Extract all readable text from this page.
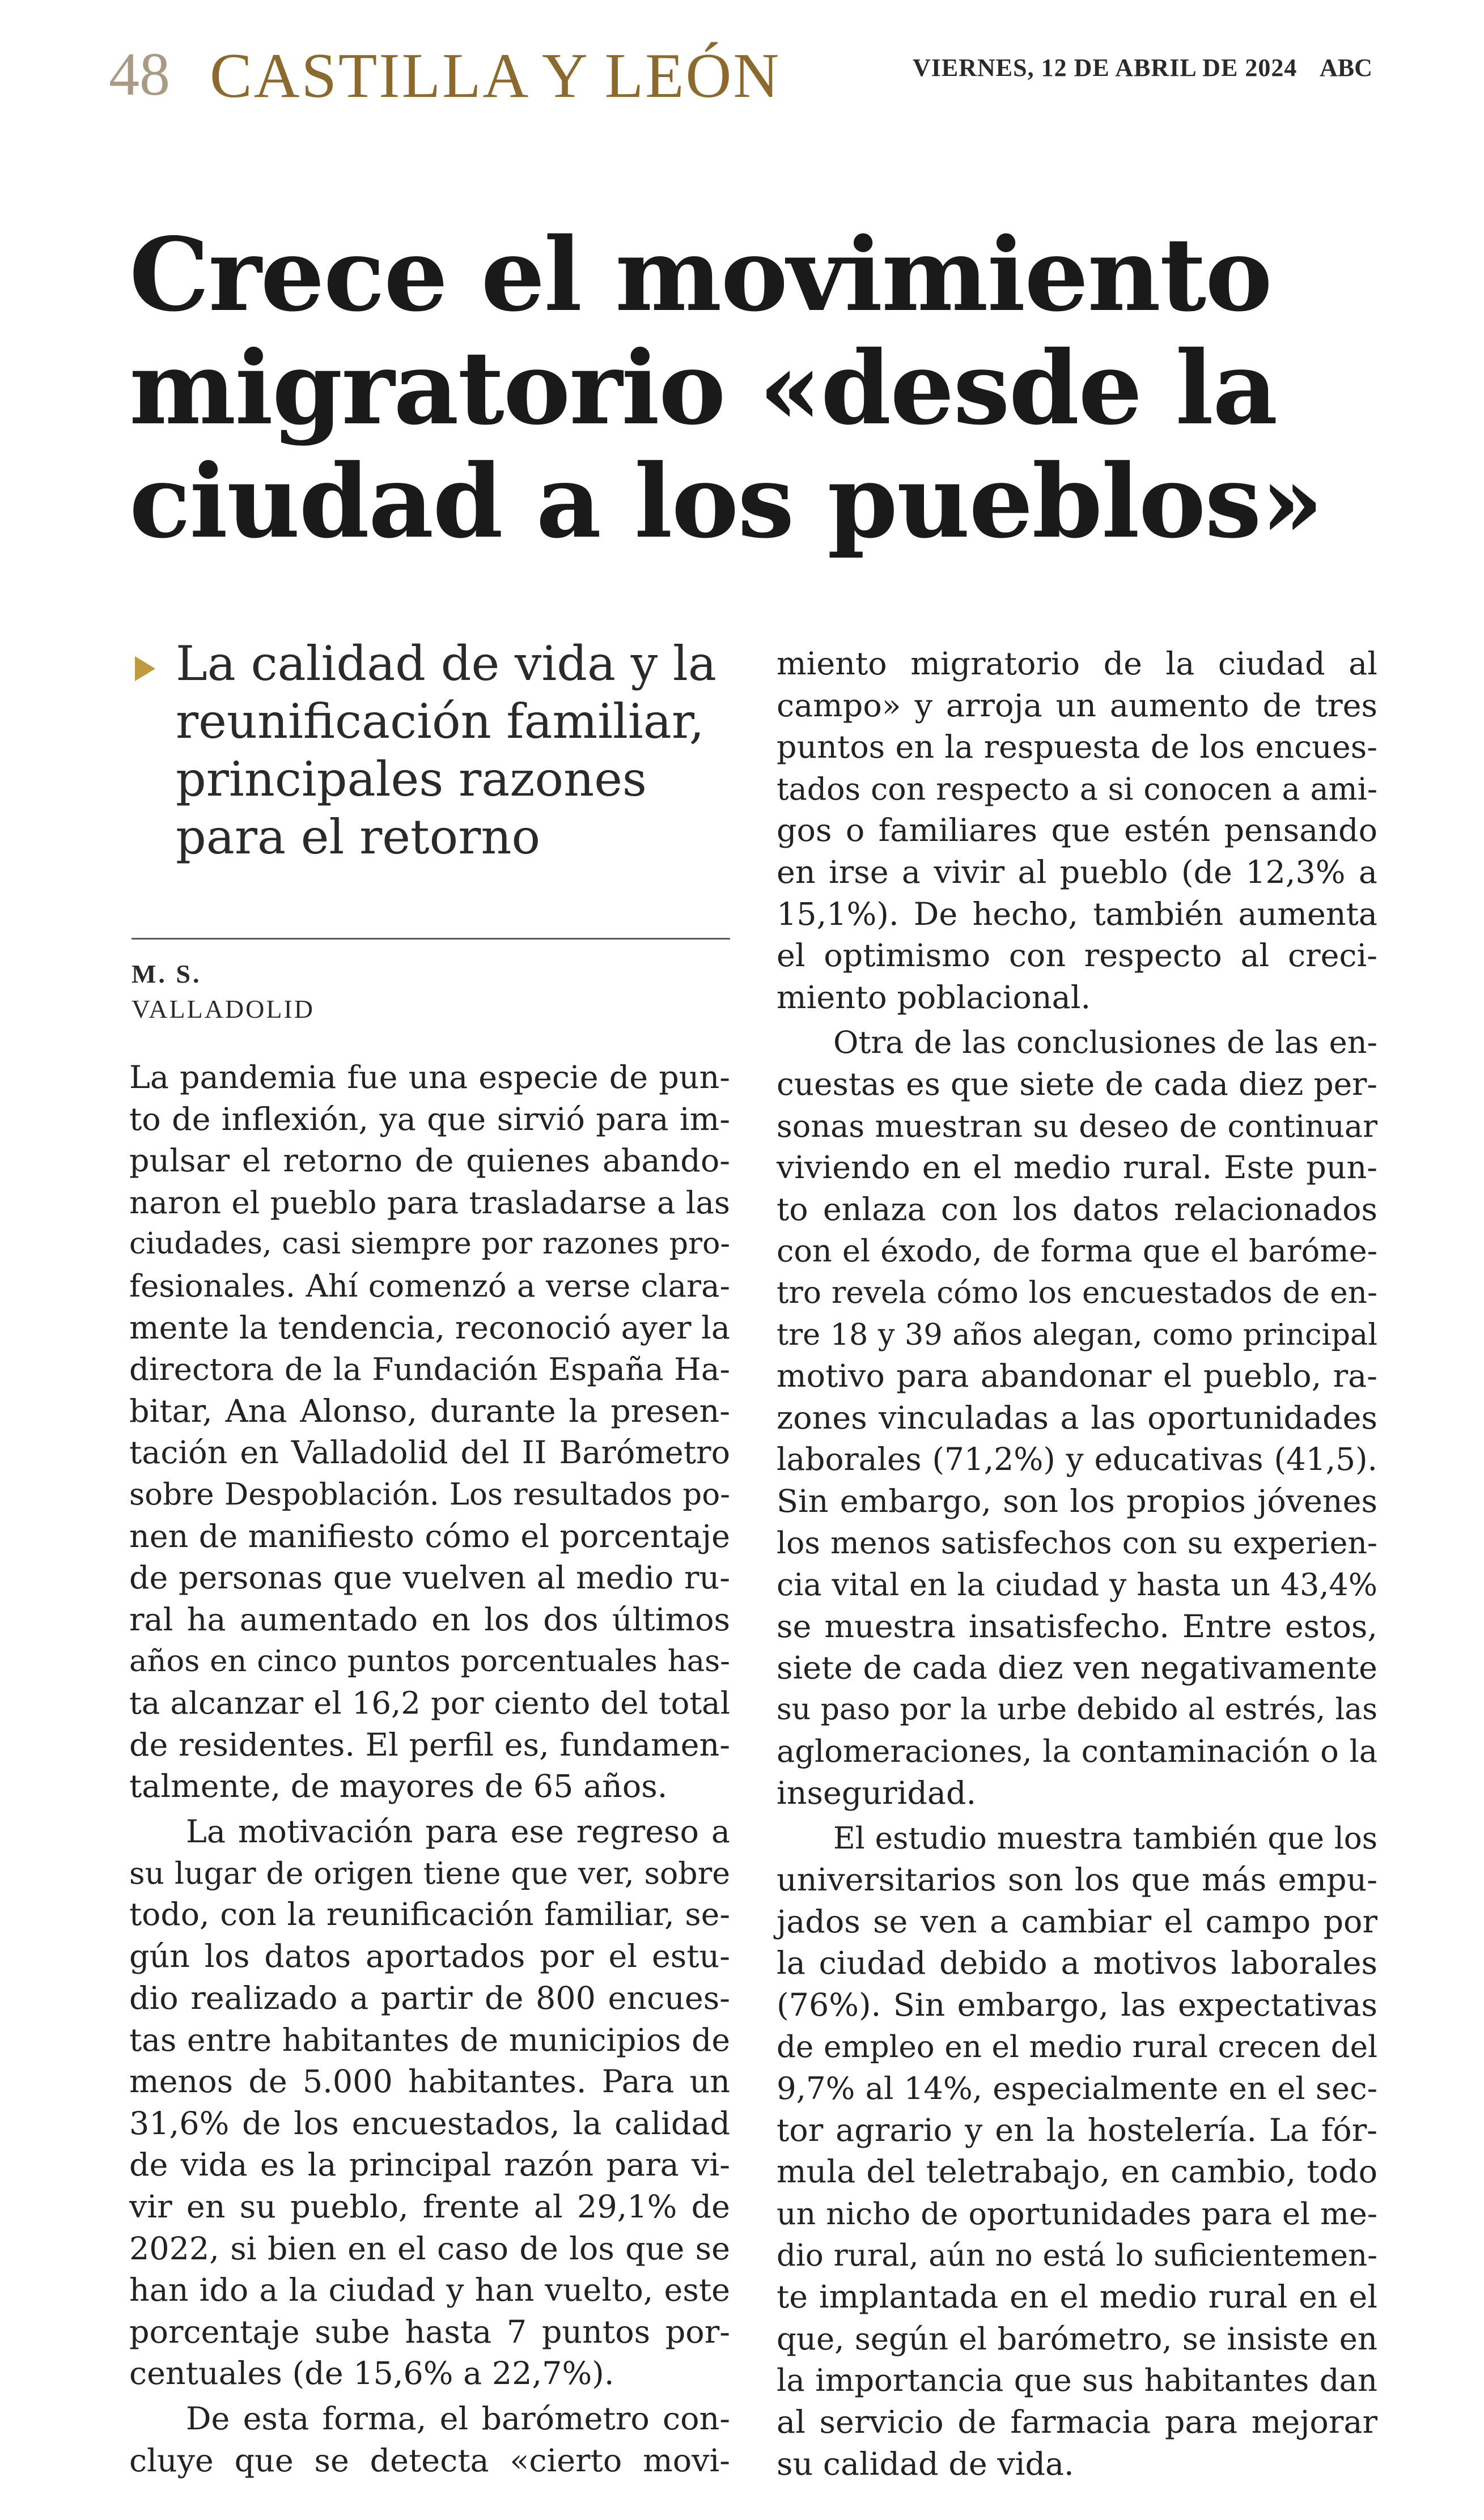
48 CASTILLA Y LEÓN	VIERNES, 12 DE ABRIL DE 2024 ABC
Crece el movimiento
migratorio «desde la
ciudad a los pueblos»
La calidad de vida y la
reunificación familiar,
principales razones
para el retorno
M. S.
VALLADOLID
La pandemia fue una especie de pun-
to de inflexión, ya que sirvió para im-
pulsar el retorno de quienes abando-
naron el pueblo para trasladarse a las
ciudades, casi siempre por razones pro-
fesionales. Ahí comenzó a verse clara-
mente la tendencia, reconoció ayer la
directora de la Fundación España Ha-
bitar, Ana Alonso, durante la presen-
tación en Valladolid del II Barómetro
sobre Despoblación. Los resultados po-
nen de manifiesto cómo el porcentaje
de personas que vuelven al medio ru-
ral ha aumentado en los dos últimos
años en cinco puntos porcentuales has-
ta alcanzar el 16,2 por ciento del total
de residentes. El perfil es, fundamen-
talmente, de mayores de 65 años.
La motivación para ese regreso a
su lugar de origen tiene que ver, sobre
todo, con la reunificación familiar, se-
gún los datos aportados por el estu-
dio realizado a partir de 800 encues-
tas entre habitantes de municipios de
menos de 5.000 habitantes. Para un
31,6% de los encuestados, la calidad
de vida es la principal razón para vi-
vir en su pueblo, frente al 29,1% de
2022, si bien en el caso de los que se
han ido a la ciudad y han vuelto, este
porcentaje sube hasta 7 puntos por-
centuales (de 15,6% a 22,7%).
De esta forma, el barómetro con-
cluye que se detecta «cierto movi-
miento migratorio de la ciudad al
campo» y arroja un aumento de tres
puntos en la respuesta de los encues-
tados con respecto a si conocen a ami-
gos o familiares que estén pensando
en irse a vivir al pueblo (de 12,3% a
15,1%). De hecho, también aumenta
el optimismo con respecto al creci-
miento poblacional.
Otra de las conclusiones de las en-
cuestas es que siete de cada diez per-
sonas muestran su deseo de continuar
viviendo en el medio rural. Este pun-
to enlaza con los datos relacionados
con el éxodo, de forma que el baróme-
tro revela cómo los encuestados de en-
tre 18 y 39 años alegan, como principal
motivo para abandonar el pueblo, ra-
zones vinculadas a las oportunidades
laborales (71,2%) y educativas (41,5).
Sin embargo, son los propios jóvenes
los menos satisfechos con su experien-
cia vital en la ciudad y hasta un 43,4%
se muestra insatisfecho. Entre estos,
siete de cada diez ven negativamente
su paso por la urbe debido al estrés, las
aglomeraciones, la contaminación o la
inseguridad.
El estudio muestra también que los
universitarios son los que más empu-
jados se ven a cambiar el campo por
la ciudad debido a motivos laborales
(76%). Sin embargo, las expectativas
de empleo en el medio rural crecen del
9,7% al 14%, especialmente en el sec-
tor agrario y en la hostelería. La fór-
mula del teletrabajo, en cambio, todo
un nicho de oportunidades para el me-
dio rural, aún no está lo suficientemen-
te implantada en el medio rural en el
que, según el barómetro, se insiste en
la importancia que sus habitantes dan
al servicio de farmacia para mejorar
su calidad de vida.
